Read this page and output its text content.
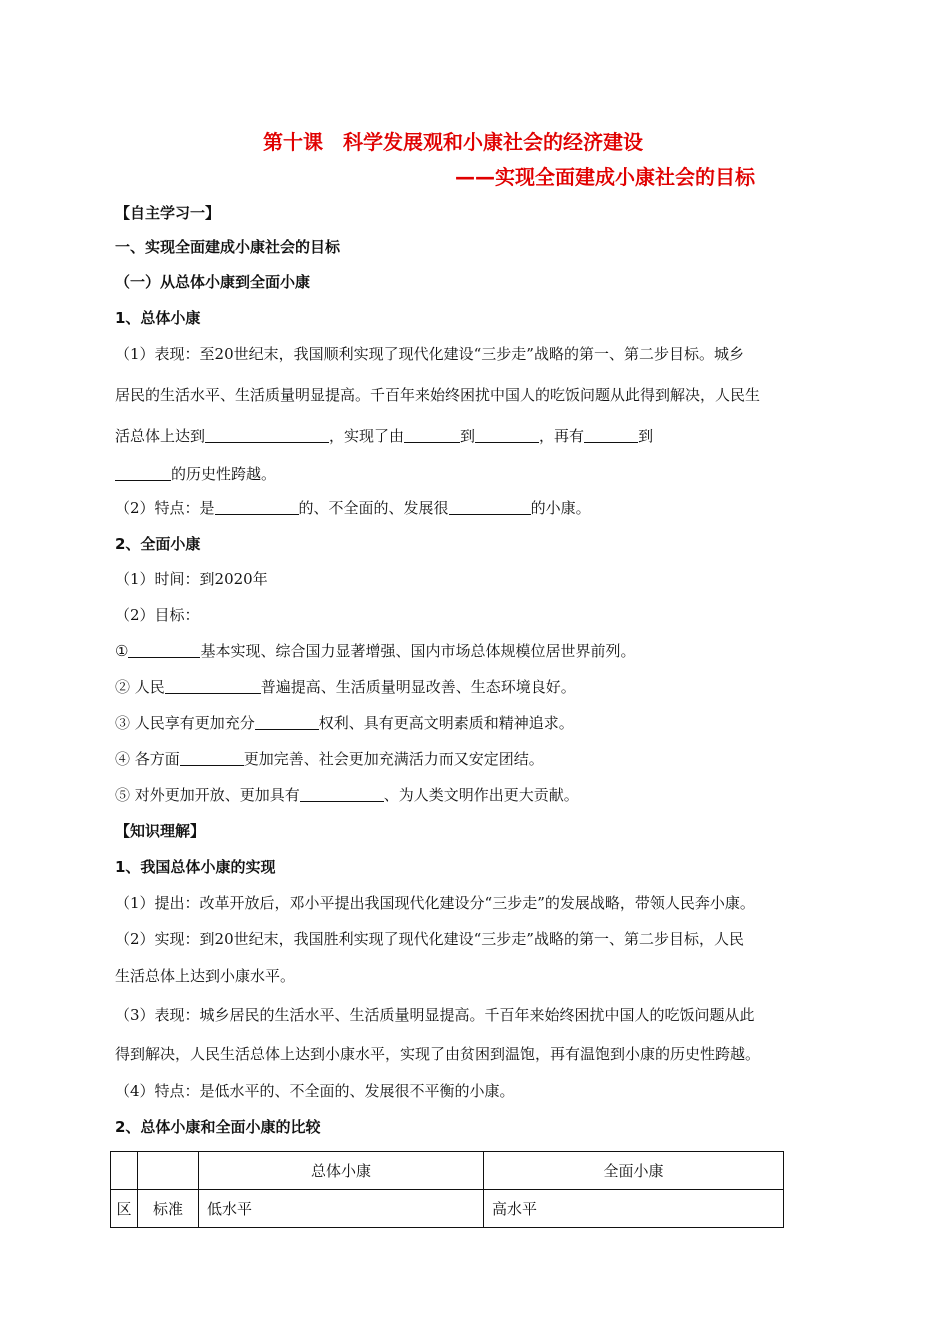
第十课　科学发展观和小康社会的经济建设
——实现全面建成小康社会的目标
【自主学习一】
一、实现全面建成小康社会的目标
（一）从总体小康到全面小康
1、总体小康
（1）表现：至20世纪末，我国顺利实现了现代化建设“三步走”战略的第一、第二步目标。城乡
居民的生活水平、生活质量明显提高。千百年来始终困扰中国人的吃饭问题从此得到解决，人民生
活总体上达到	，实现了由	到	，再有	到
的历史性跨越。
（2）特点：是	的、不全面的、发展很	的小康。
2、全面小康
（1）时间：到2020年
（2）目标：
①	基本实现、综合国力显著增强、国内市场总体规模位居世界前列。
② 人民	普遍提高、生活质量明显改善、生态环境良好。
③ 人民享有更加充分	权利、具有更高文明素质和精神追求。
④ 各方面	更加完善、社会更加充满活力而又安定团结。
⑤ 对外更加开放、更加具有	、为人类文明作出更大贡献。
【知识理解】
1、我国总体小康的实现
（1）提出：改革开放后，邓小平提出我国现代化建设分“三步走”的发展战略，带领人民奔小康。
（2）实现：到20世纪末，我国胜利实现了现代化建设“三步走”战略的第一、第二步目标，人民
生活总体上达到小康水平。
（3）表现：城乡居民的生活水平、生活质量明显提高。千百年来始终困扰中国人的吃饭问题从此
得到解决，人民生活总体上达到小康水平，实现了由贫困到温饱，再有温饱到小康的历史性跨越。
（4）特点：是低水平的、不全面的、发展很不平衡的小康。
2、总体小康和全面小康的比较
		总体小康	全面小康
区	标准	低水平	高水平
